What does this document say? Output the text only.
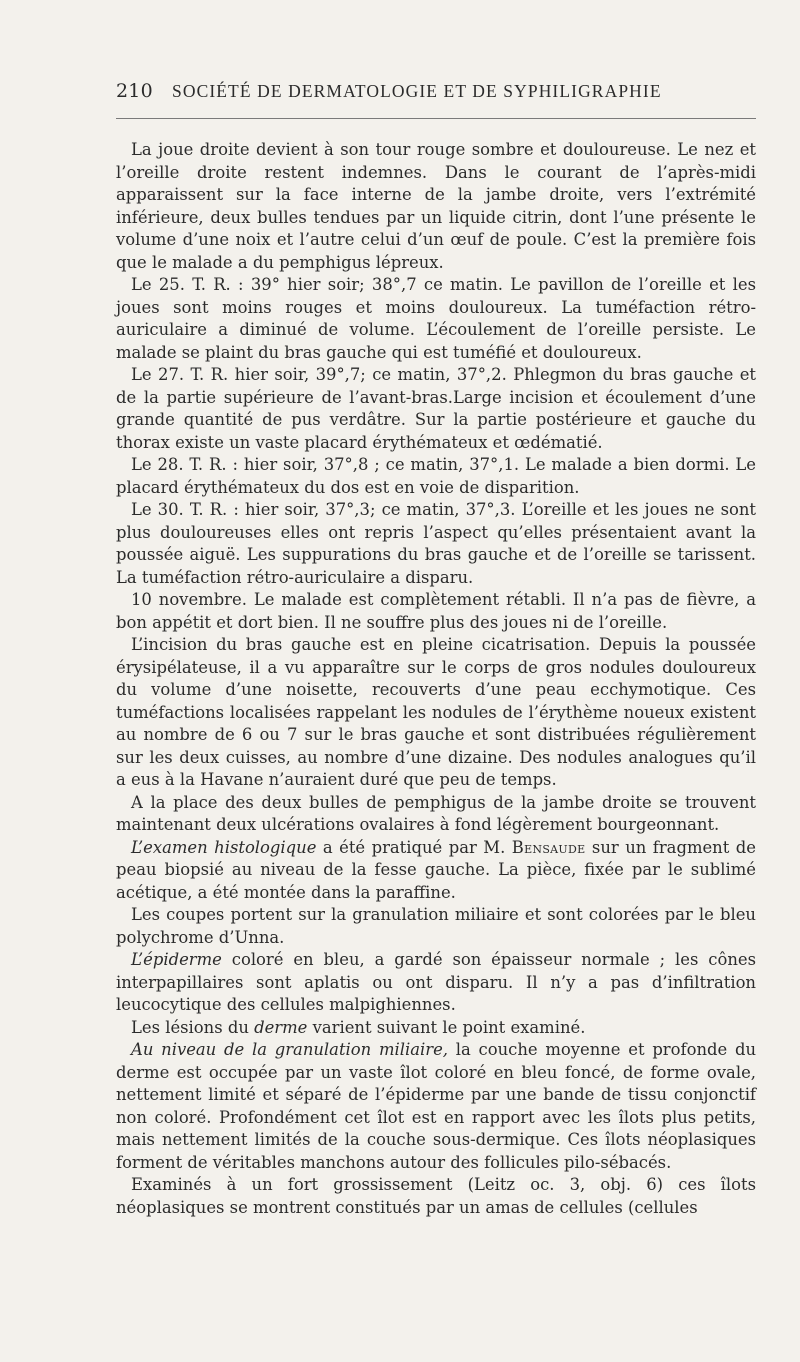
210	SOCIÉTÉ DE DERMATOLOGIE ET DE SYPHILIGRAPHIE

La joue droite devient à son tour rouge sombre et douloureuse. Le nez et l’oreille droite restent indemnes. Dans le courant de l’après-midi apparaissent sur la face interne de la jambe droite, vers l’extrémité inférieure, deux bulles tendues par un liquide citrin, dont l’une présente le volume d’une noix et l’autre celui d’un œuf de poule. C’est la première fois que le malade a du pemphigus lépreux.

Le 25. T. R. : 39° hier soir; 38°,7 ce matin. Le pavillon de l’oreille et les joues sont moins rouges et moins douloureux. La tuméfaction rétro-auriculaire a diminué de volume. L’écoulement de l’oreille persiste. Le malade se plaint du bras gauche qui est tuméfié et douloureux.

Le 27. T. R. hier soir, 39°,7; ce matin, 37°,2. Phlegmon du bras gauche et de la partie supérieure de l’avant-bras.Large incision et écoulement d’une grande quantité de pus verdâtre. Sur la partie postérieure et gauche du thorax existe un vaste placard érythémateux et œdématié.

Le 28. T. R. : hier soir, 37°,8 ; ce matin, 37°,1. Le malade a bien dormi. Le placard érythémateux du dos est en voie de disparition.

Le 30. T. R. : hier soir, 37°,3; ce matin, 37°,3. L’oreille et les joues ne sont plus douloureuses elles ont repris l’aspect qu’elles présentaient avant la poussée aiguë. Les suppurations du bras gauche et de l’oreille se tarissent. La tuméfaction rétro-auriculaire a disparu.

10 novembre. Le malade est complètement rétabli. Il n’a pas de fièvre, a bon appétit et dort bien. Il ne souffre plus des joues ni de l’oreille.

L’incision du bras gauche est en pleine cicatrisation. Depuis la poussée érysipélateuse, il a vu apparaître sur le corps de gros nodules douloureux du volume d’une noisette, recouverts d’une peau ecchymotique. Ces tuméfactions localisées rappelant les nodules de l’érythème noueux existent au nombre de 6 ou 7 sur le bras gauche et sont distribuées régulièrement sur les deux cuisses, au nombre d’une dizaine. Des nodules analogues qu’il a eus à la Havane n’auraient duré que peu de temps.

A la place des deux bulles de pemphigus de la jambe droite se trouvent maintenant deux ulcérations ovalaires à fond légèrement bourgeonnant.

L’examen histologique a été pratiqué par M. Bensaude sur un fragment de peau biopsié au niveau de la fesse gauche. La pièce, fixée par le sublimé acétique, a été montée dans la paraffine.

Les coupes portent sur la granulation miliaire et sont colorées par le bleu polychrome d’Unna.

L’épiderme coloré en bleu, a gardé son épaisseur normale ; les cônes interpapillaires sont aplatis ou ont disparu. Il n’y a pas d’infiltration leucocytique des cellules malpighiennes.

Les lésions du derme varient suivant le point examiné.

Au niveau de la granulation miliaire, la couche moyenne et profonde du derme est occupée par un vaste îlot coloré en bleu foncé, de forme ovale, nettement limité et séparé de l’épiderme par une bande de tissu conjonctif non coloré. Profondément cet îlot est en rapport avec les îlots plus petits, mais nettement limités de la couche sous-dermique. Ces îlots néoplasiques forment de véritables manchons autour des follicules pilo-sébacés.

Examinés à un fort grossissement (Leitz oc. 3, obj. 6) ces îlots néoplasiques se montrent constitués par un amas de cellules (cellules
